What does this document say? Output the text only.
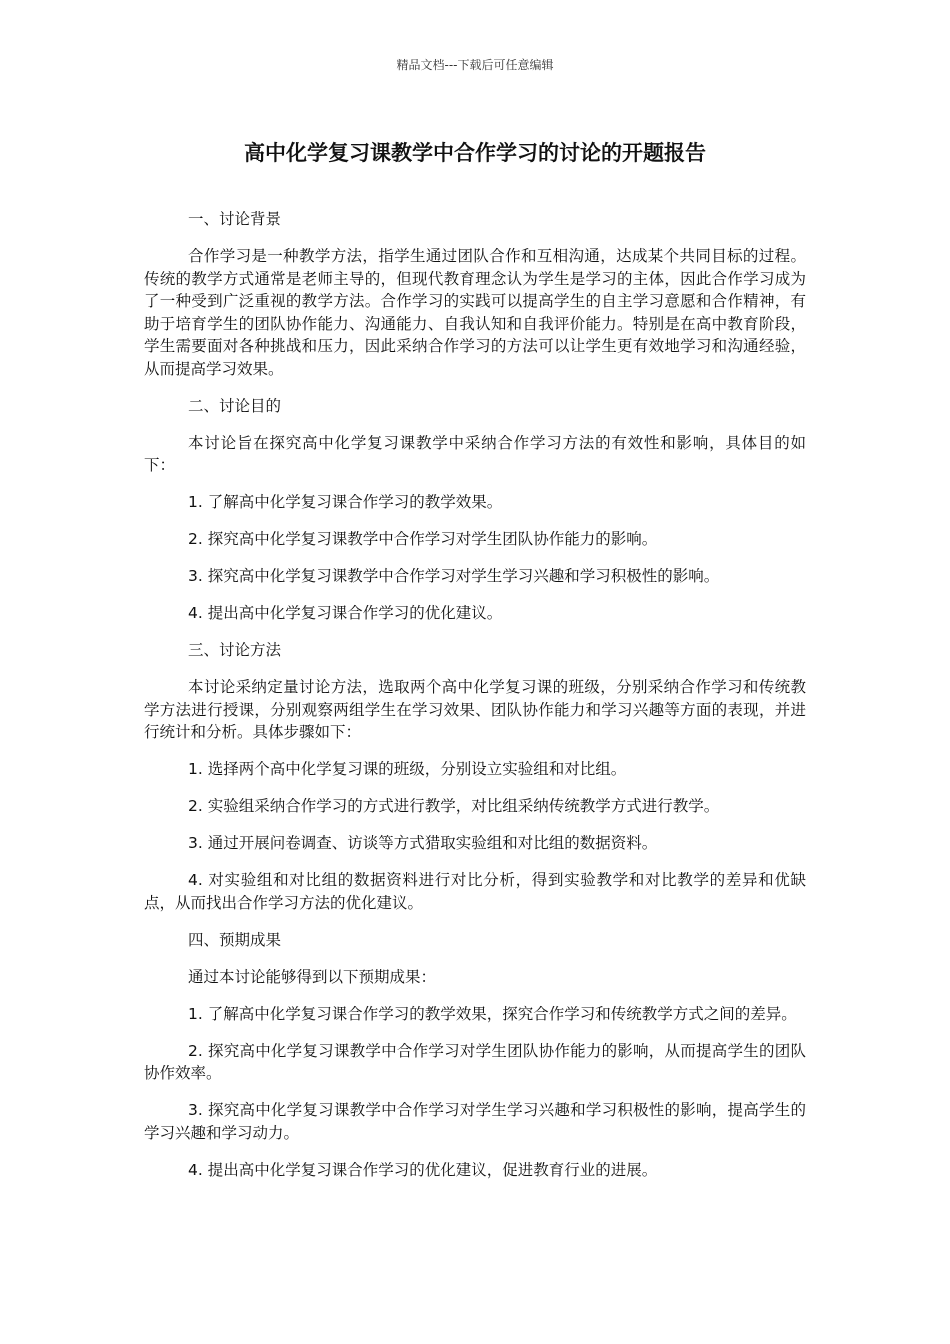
精品文档---下载后可任意编辑
高中化学复习课教学中合作学习的讨论的开题报告

一、讨论背景

合作学习是一种教学方法，指学生通过团队合作和互相沟通，达成某个共同目标的过程。传统的教学方式通常是老师主导的，但现代教育理念认为学生是学习的主体，因此合作学习成为了一种受到广泛重视的教学方法。合作学习的实践可以提高学生的自主学习意愿和合作精神，有助于培育学生的团队协作能力、沟通能力、自我认知和自我评价能力。特别是在高中教育阶段，学生需要面对各种挑战和压力，因此采纳合作学习的方法可以让学生更有效地学习和沟通经验，从而提高学习效果。

二、讨论目的

本讨论旨在探究高中化学复习课教学中采纳合作学习方法的有效性和影响，具体目的如下：

1. 了解高中化学复习课合作学习的教学效果。

2. 探究高中化学复习课教学中合作学习对学生团队协作能力的影响。

3. 探究高中化学复习课教学中合作学习对学生学习兴趣和学习积极性的影响。

4. 提出高中化学复习课合作学习的优化建议。

三、讨论方法

本讨论采纳定量讨论方法，选取两个高中化学复习课的班级，分别采纳合作学习和传统教学方法进行授课，分别观察两组学生在学习效果、团队协作能力和学习兴趣等方面的表现，并进行统计和分析。具体步骤如下：

1. 选择两个高中化学复习课的班级，分别设立实验组和对比组。

2. 实验组采纳合作学习的方式进行教学，对比组采纳传统教学方式进行教学。

3. 通过开展问卷调查、访谈等方式猎取实验组和对比组的数据资料。

4. 对实验组和对比组的数据资料进行对比分析，得到实验教学和对比教学的差异和优缺点，从而找出合作学习方法的优化建议。

四、预期成果

通过本讨论能够得到以下预期成果：

1. 了解高中化学复习课合作学习的教学效果，探究合作学习和传统教学方式之间的差异。

2. 探究高中化学复习课教学中合作学习对学生团队协作能力的影响，从而提高学生的团队协作效率。

3. 探究高中化学复习课教学中合作学习对学生学习兴趣和学习积极性的影响，提高学生的学习兴趣和学习动力。

4. 提出高中化学复习课合作学习的优化建议，促进教育行业的进展。
